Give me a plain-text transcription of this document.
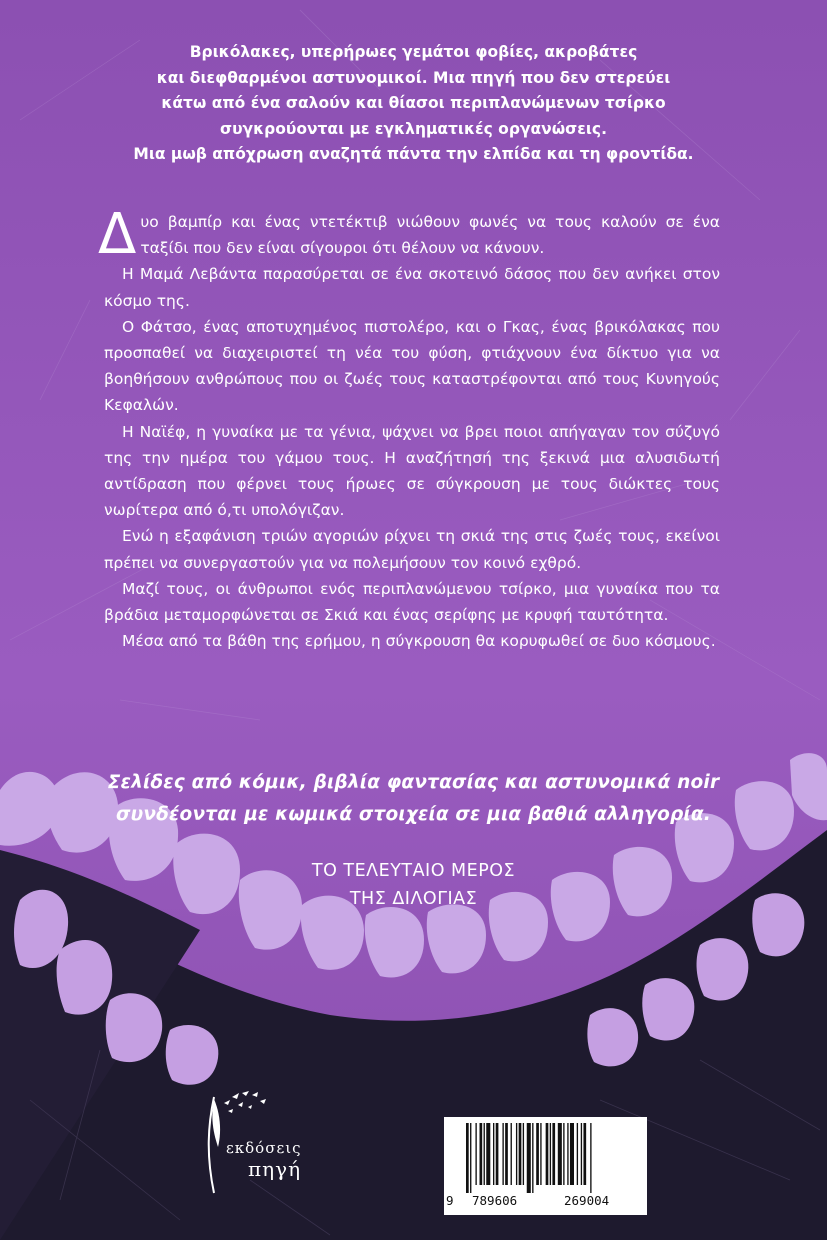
Βρικόλακες, υπερήρωες γεμάτοι φοβίες, ακροβάτες
και διεφθαρμένοι αστυνομικοί. Μια πηγή που δεν στερεύει
κάτω από ένα σαλούν και θίασοι περιπλανώμενων τσίρκο
συγκρούονται με εγκληματικές οργανώσεις.
Μια μωβ απόχρωση αναζητά πάντα την ελπίδα και τη φροντίδα.

Δυο βαμπίρ και ένας ντετέκτιβ νιώθουν φωνές να τους καλούν σε ένα ταξίδι που δεν είναι σίγουροι ότι θέλουν να κάνουν.

Η Μαμά Λεβάντα παρασύρεται σε ένα σκοτεινό δάσος που δεν ανήκει στον κόσμο της.

Ο Φάτσο, ένας αποτυχημένος πιστολέρο, και ο Γκας, ένας βρικόλακας που προσπαθεί να διαχειριστεί τη νέα του φύση, φτιάχνουν ένα δίκτυο για να βοηθήσουν ανθρώπους που οι ζωές τους καταστρέφονται από τους Κυνηγούς Κεφαλών.

Η Ναϊέφ, η γυναίκα με τα γένια, ψάχνει να βρει ποιοι απήγαγαν τον σύζυγό της την ημέρα του γάμου τους. Η αναζήτησή της ξεκινά μια αλυσιδωτή αντίδραση που φέρνει τους ήρωες σε σύγκρουση με τους διώκτες τους νωρίτερα από ό,τι υπολόγιζαν.

Ενώ η εξαφάνιση τριών αγοριών ρίχνει τη σκιά της στις ζωές τους, εκείνοι πρέπει να συνεργαστούν για να πολεμήσουν τον κοινό εχθρό.

Μαζί τους, οι άνθρωποι ενός περιπλανώμενου τσίρκο, μια γυναίκα που τα βράδια μεταμορφώνεται σε Σκιά και ένας σερίφης με κρυφή ταυτότητα.

Μέσα από τα βάθη της ερήμου, η σύγκρουση θα κορυφωθεί σε δυο κόσμους.

Σελίδες από κόμικ, βιβλία φαντασίας και αστυνομικά noir
συνδέονται με κωμικά στοιχεία σε μια βαθιά αλληγορία.
ΤΟ ΤΕΛΕΥΤΑΙΟ ΜΕΡΟΣ
ΤΗΣ ΔΙΛΟΓΙΑΣ
εκδόσεις
πηγή
9 789606	269004
